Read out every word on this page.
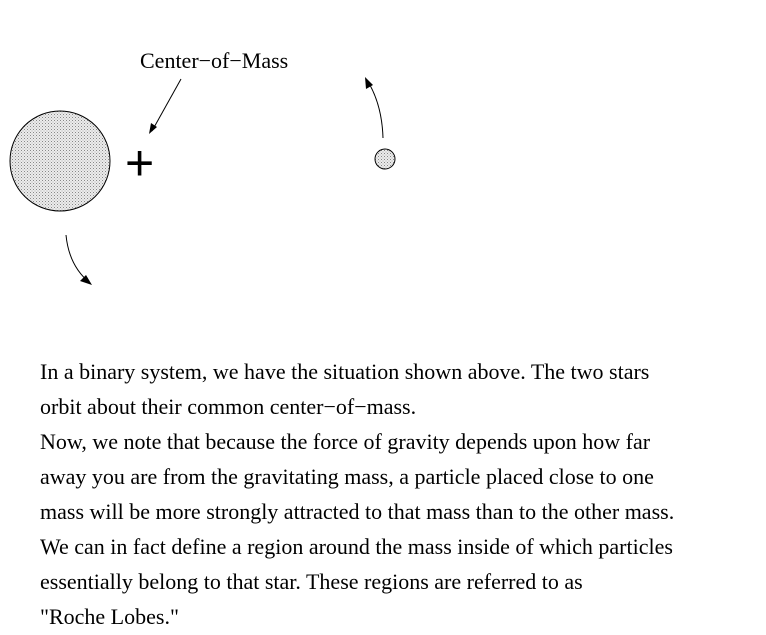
Center−of−Mass
+

In a binary system, we have the situation shown above. The two stars

orbit about their common center−of−mass.

Now, we note that because the force of gravity depends upon how far

away you are from the gravitating mass, a particle placed close to one

mass will be more strongly attracted to that mass than to the other mass.

We can in fact define a region around the mass inside of which particles

essentially belong to that star. These regions are referred to as

"Roche Lobes."
